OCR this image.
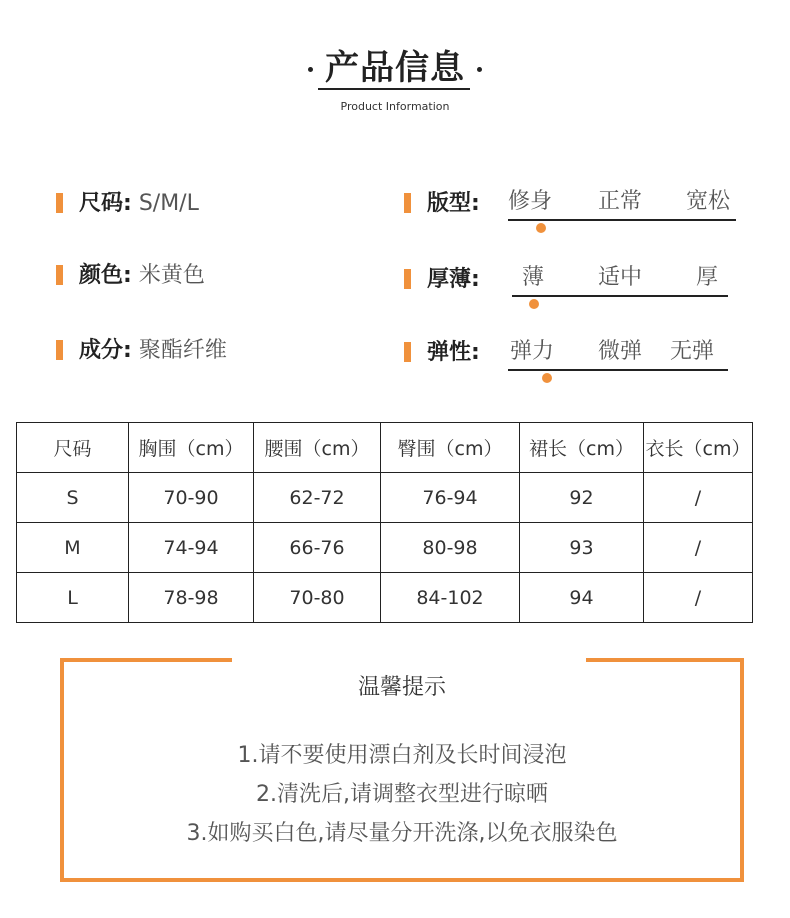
产品信息
Product Information
尺码: S/M/L
颜色: 米黄色
成分: 聚酯纤维
版型: 修身 正常 宽松
厚薄: 薄 适中 厚
弹性: 弹力 微弹 无弹
尺码	胸围（cm）	腰围（cm）	臀围（cm）	裙长（cm）	衣长（cm）
S	70-90	62-72	76-94	92	/
M	74-94	66-76	80-98	93	/
L	78-98	70-80	84-102	94	/
温馨提示
1.请不要使用漂白剂及长时间浸泡
2.清洗后,请调整衣型进行晾晒
3.如购买白色,请尽量分开洗涤,以免衣服染色
